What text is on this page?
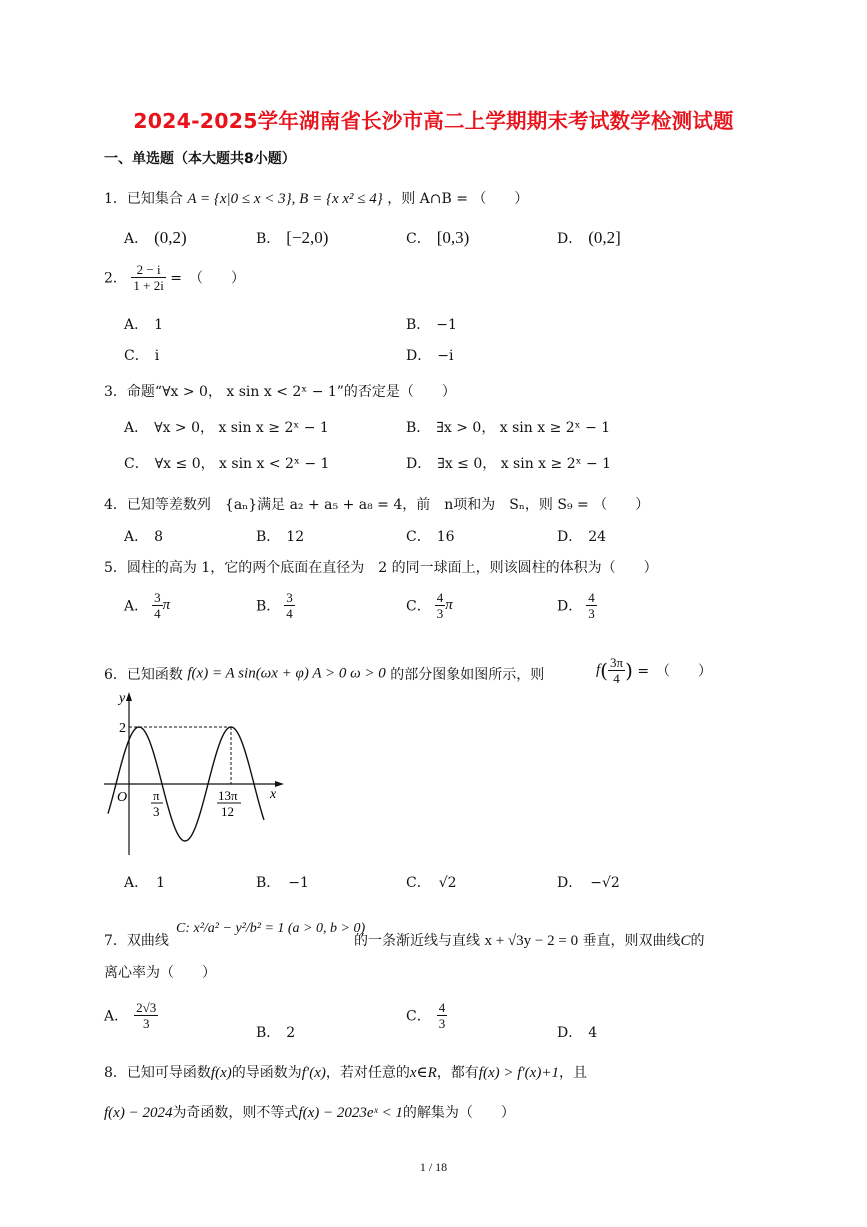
2024-2025学年湖南省长沙市高二上学期期末考试数学检测试题
一、单选题（本大题共8小题）
1．已知集合 A = {x|0 ≤ x < 3}, B = {x x² ≤ 4} ，则 A∩B = （　　）
A． (0,2)	B． [−2,0)	C． [0,3)	D． (0,2]
2． $\frac{2 - i}{1 + 2i}$ =　（　　）
A． 1	B． −1
C． i	D． −i
3．命题“∀x > 0， x sin x < 2ˣ − 1”的否定是（　　）
A． ∀x > 0， x sin x ≥ 2ˣ − 1	B． ∃x > 0， x sin x ≥ 2ˣ − 1
C． ∀x ≤ 0， x sin x < 2ˣ − 1	D． ∃x ≤ 0， x sin x ≥ 2ˣ − 1
4．已知等差数列　{aₙ}满足 a₂ + a₅ + a₈ = 4，前　n项和为　Sₙ，则 S₉ = （　　）
A． 8	B． 12	C． 16	D． 24
5．圆柱的高为 1，它的两个底面在直径为　2 的同一球面上，则该圆柱的体积为（　　）
A． $\frac{3}{4}$ π	B． $\frac{3}{4}$	C． $\frac{4}{3}$ π	D． $\frac{4}{3}$
6．已知函数 f(x) = A sin(ωx + φ) A > 0 ω > 0 的部分图象如图所示，则	$f( \frac{3\pi}{4}$ ) =　（　　）
y
x
O
2
π
3
13π
12
A． 1	B． −1	C． √2	D． −√2
7．双曲线
C: x²/a² − y²/b² = 1 (a > 0, b > 0)
的一条渐近线与直线 x + √3y − 2 = 0 垂直，则双曲线C的
离心率为（　　）
A． $\frac{2√3}{3}$
B． 2
C． $\frac{4}{3}$
D． 4
8．已知可导函数f(x)的导函数为f′(x)，若对任意的x∈R，都有f(x) > f′(x)+1，且
f(x) − 2024为奇函数，则不等式f(x) − 2023eˣ < 1的解集为（　　）
1 / 18
